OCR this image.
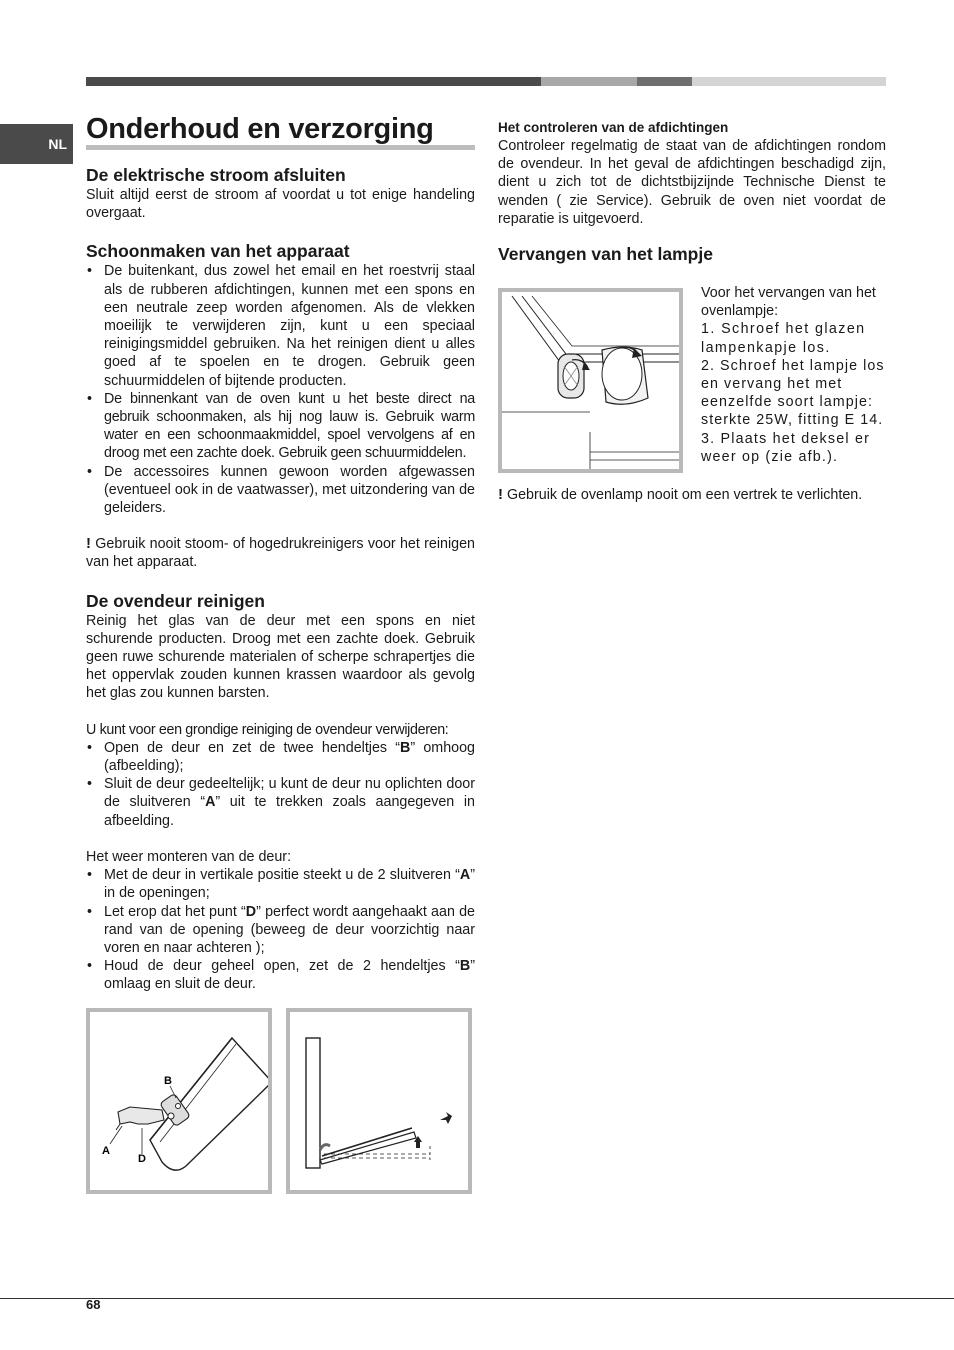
NL Onderhoud en verzorging
De elektrische stroom afsluiten

Sluit altijd eerst de stroom af voordat u tot enige handeling overgaat.

Schoonmaken van het apparaat
• De buitenkant, dus zowel het email en het roestvrij staal als de rubberen afdichtingen, kunnen met een spons en een neutrale zeep worden afgenomen. Als de vlekken moeilijk te verwijderen zijn, kunt u een speciaal reinigingsmiddel gebruiken. Na het reinigen dient u alles goed af te spoelen en te drogen. Gebruik geen schuurmiddelen of bijtende producten.
• De binnenkant van de oven kunt u het beste direct na gebruik schoonmaken, als hij nog lauw is. Gebruik warm water en een schoonmaakmiddel, spoel vervolgens af en droog met een zachte doek. Gebruik geen schuurmiddelen.
• De accessoires kunnen gewoon worden afgewassen (eventueel ook in de vaatwasser), met uitzondering van de geleiders.

! Gebruik nooit stoom- of hogedrukreinigers voor het reinigen van het apparaat.

De ovendeur reinigen

Reinig het glas van de deur met een spons en niet schurende producten. Droog met een zachte doek. Gebruik geen ruwe schurende materialen of scherpe schrapertjes die het oppervlak zouden kunnen krassen waardoor als gevolg het glas zou kunnen barsten.

U kunt voor een grondige reiniging de ovendeur verwijderen:

• Open de deur en zet de twee hendeltjes “B” omhoog (afbeelding);
• Sluit de deur gedeeltelijk; u kunt de deur nu oplichten door de sluitveren “A” uit te trekken zoals aangegeven in afbeelding.

Het weer monteren van de deur:

• Met de deur in vertikale positie steekt u de 2 sluitveren “A” in de openingen;
• Let erop dat het punt “D” perfect wordt aangehaakt aan de rand van de opening (beweeg de deur voorzichtig naar voren en naar achteren );
• Houd de deur geheel open, zet de 2 hendeltjes “B” omlaag en sluit de deur.
B
A
D
Het controleren van de afdichtingen

Controleer regelmatig de staat van de afdichtingen rondom de ovendeur. In het geval de afdichtingen beschadigd zijn, dient u zich tot de dichtstbijzijnde Technische Dienst te wenden ( zie Service). Gebruik de oven niet voordat de reparatie is uitgevoerd.

Vervangen van het lampje

Voor het vervangen van het ovenlampje:

1. Schroef het glazen lampenkapje los.

2. Schroef het lampje los en vervang het met eenzelfde soort lampje: sterkte 25W, fitting E 14.

3. Plaats het deksel er weer op (zie afb.).

! Gebruik de ovenlamp nooit om een vertrek te verlichten.

68
